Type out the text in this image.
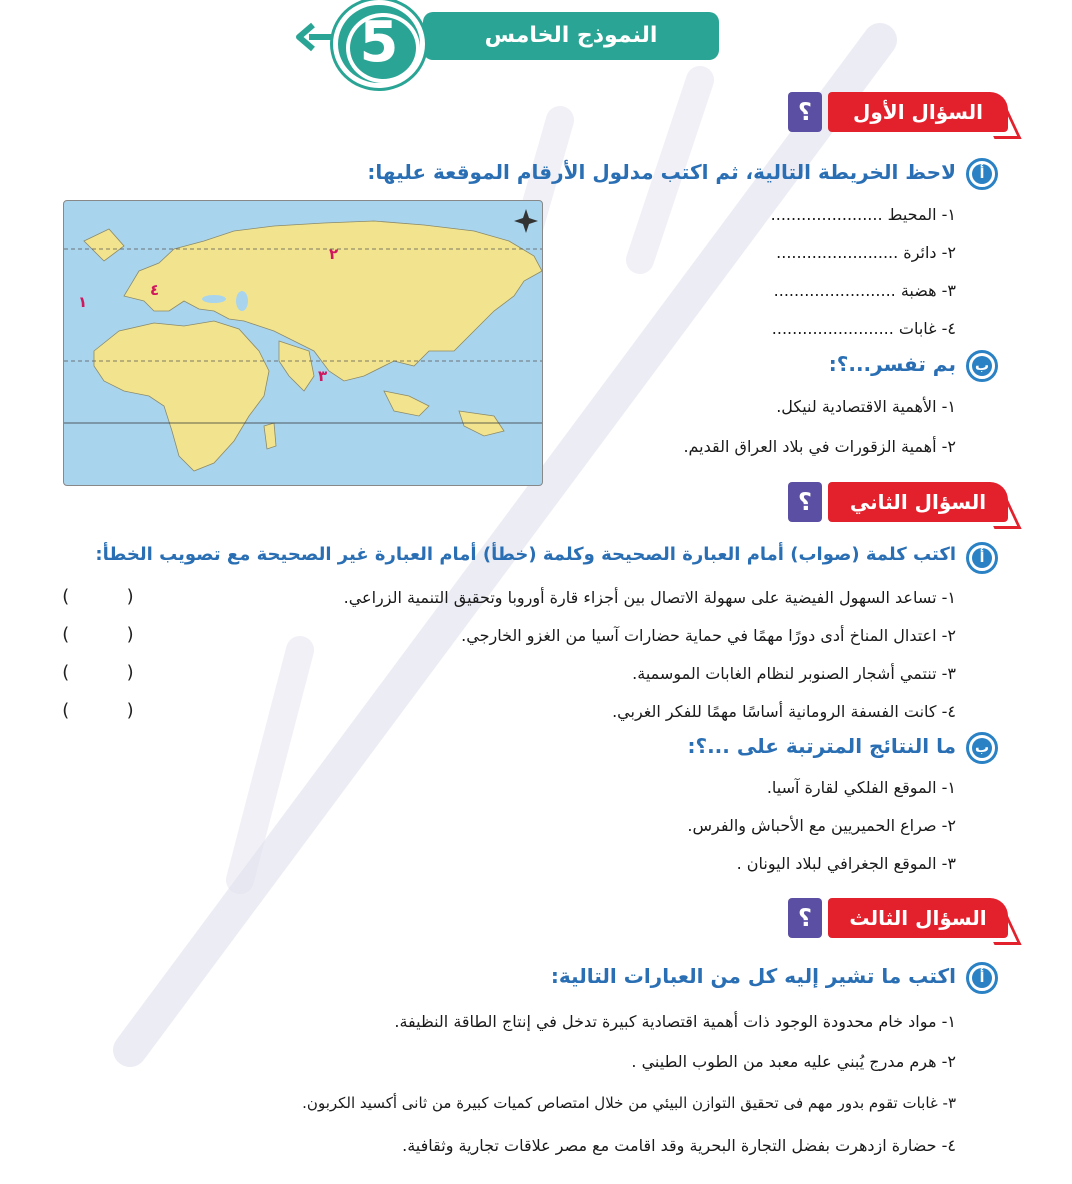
النموذج الخامس
5
السؤال الأول
؟
أ
لاحظ الخريطة التالية، ثم اكتب مدلول الأرقام الموقعة عليها:
١- المحيط ......................
٢- دائرة ........................
٣- هضبة ........................
٤- غابات ........................
١
٢
٣
٤
ب
بم تفسر...؟:
١- الأهمية الاقتصادية لنيكل.
٢- أهمية الزقورات في بلاد العراق القديم.
السؤال الثاني
؟
أ
اكتب كلمة (صواب) أمام العبارة الصحيحة وكلمة (خطأ) أمام العبارة غير الصحيحة مع تصويب الخطأ:
١- تساعد السهول الفيضية على سهولة الاتصال بين أجزاء قارة أوروبا وتحقيق التنمية الزراعي.
(     )
٢- اعتدال المناخ أدى دورًا مهمًا في حماية حضارات آسيا من الغزو الخارجي.
(     )
٣- تنتمي أشجار الصنوبر لنظام الغابات الموسمية.
(     )
٤- كانت الفسفة الرومانية أساسًا مهمًا للفكر الغربي.
(     )
ب
ما النتائج المترتبة على ...؟:
١- الموقع الفلكي لقارة آسيا.
٢- صراع الحميريين مع الأحباش والفرس.
٣- الموقع الجغرافي لبلاد اليونان .
السؤال الثالث
؟
أ
اكتب ما تشير إليه كل من العبارات التالية:
١- مواد خام محدودة الوجود ذات أهمية اقتصادية كبيرة تدخل في إنتاج الطاقة النظيفة.
٢- هرم مدرج يُبني عليه معبد من الطوب الطيني .
٣- غابات تقوم بدور مهم فى تحقيق التوازن البيئي من خلال امتصاص كميات كبيرة من ثانى أكسيد الكربون.
٤- حضارة ازدهرت بفضل التجارة البحرية وقد اقامت مع مصر علاقات تجارية وثقافية.
